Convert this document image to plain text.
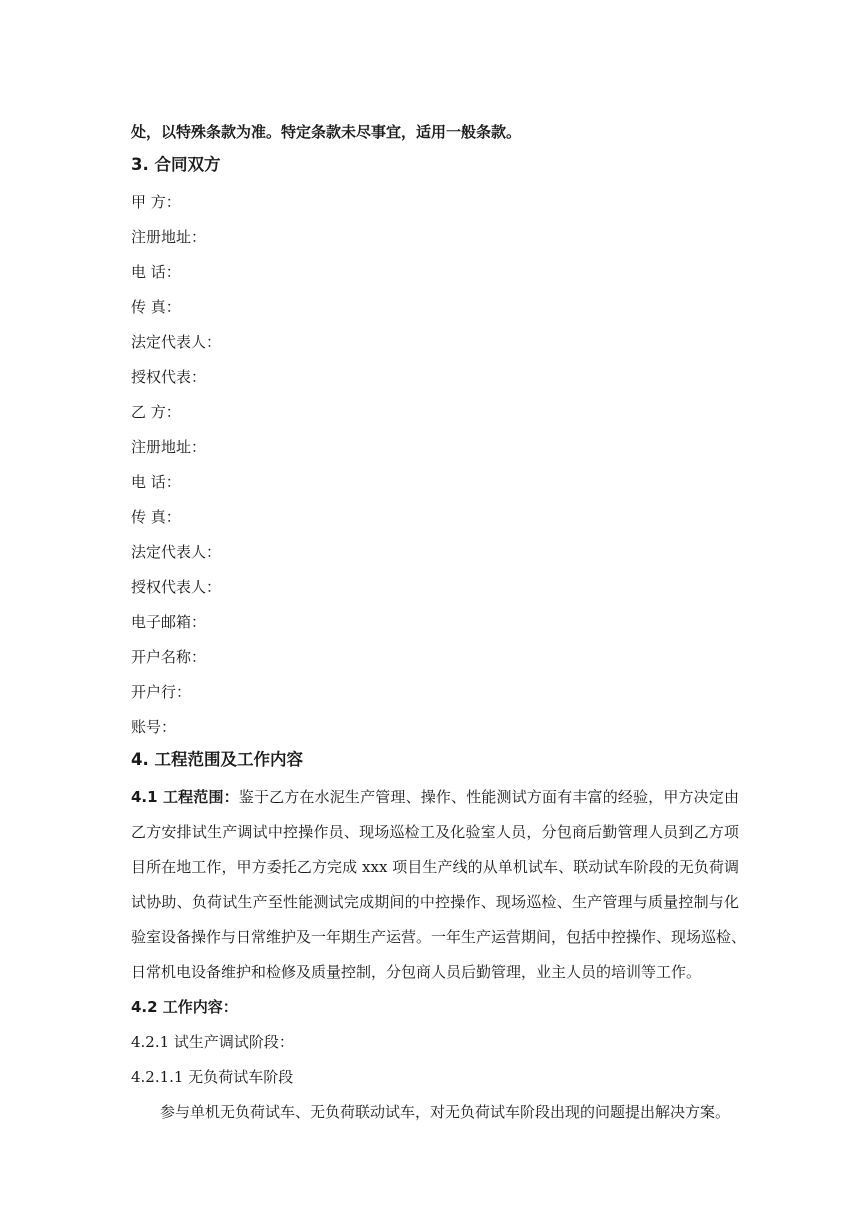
处，以特殊条款为准。特定条款未尽事宜，适用一般条款。
3. 合同双方
甲 方：
注册地址：
电 话：
传 真：
法定代表人：
授权代表：
乙 方：
注册地址：
电 话：
传 真：
法定代表人：
授权代表人：
电子邮箱：
开户名称：
开户行：
账号：
4. 工程范围及工作内容
4.1 工程范围：鉴于乙方在水泥生产管理、操作、性能测试方面有丰富的经验，甲方决定由
乙方安排试生产调试中控操作员、现场巡检工及化验室人员，分包商后勤管理人员到乙方项
目所在地工作，甲方委托乙方完成 xxx 项目生产线的从单机试车、联动试车阶段的无负荷调
试协助、负荷试生产至性能测试完成期间的中控操作、现场巡检、生产管理与质量控制与化
验室设备操作与日常维护及一年期生产运营。一年生产运营期间，包括中控操作、现场巡检、
日常机电设备维护和检修及质量控制，分包商人员后勤管理，业主人员的培训等工作。
4.2 工作内容：
4.2.1 试生产调试阶段：
4.2.1.1 无负荷试车阶段
参与单机无负荷试车、无负荷联动试车，对无负荷试车阶段出现的问题提出解决方案。
